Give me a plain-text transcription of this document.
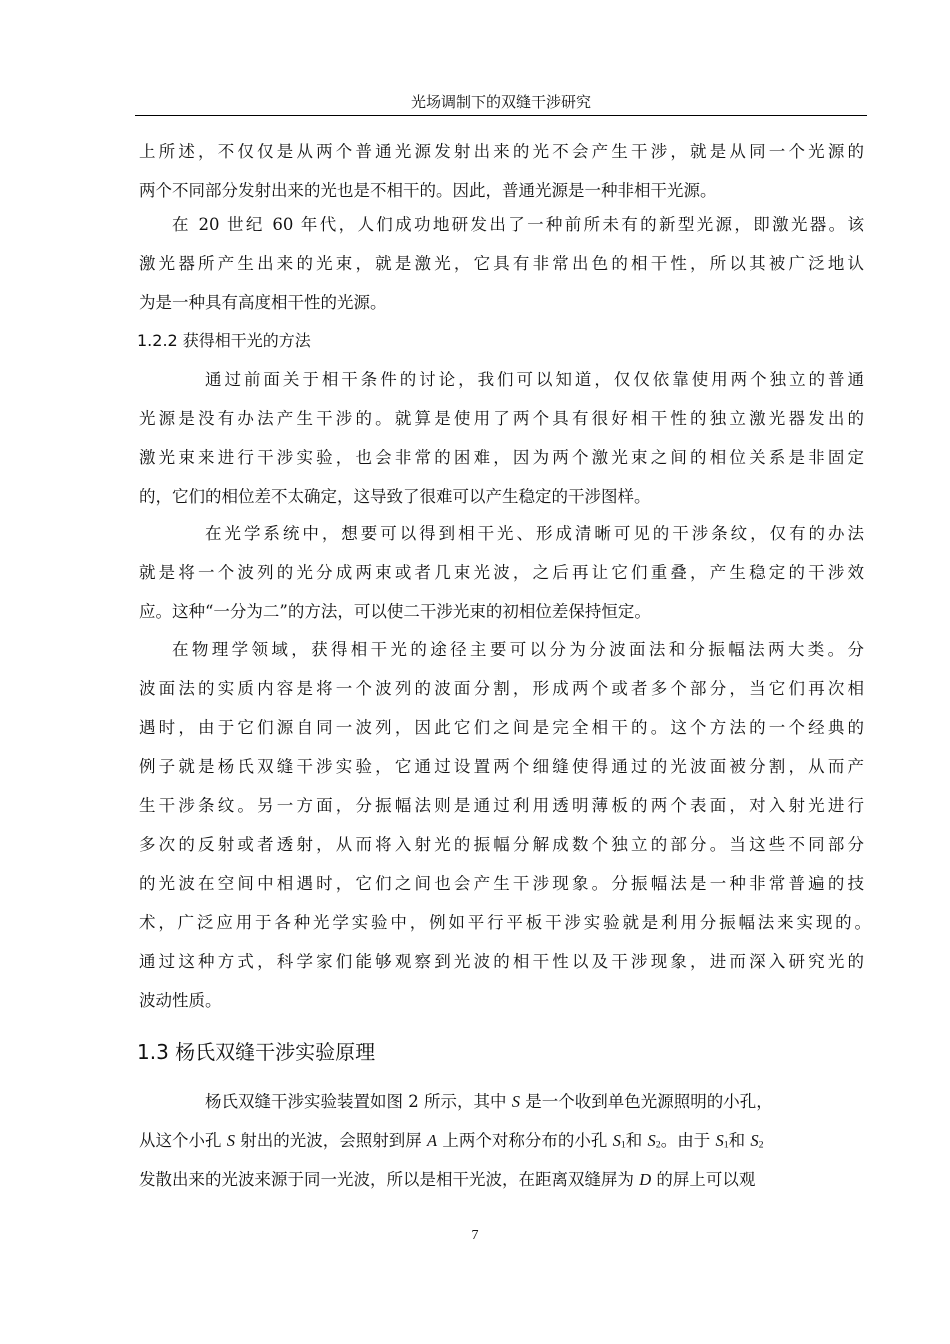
光场调制下的双缝干涉研究
上所述，不仅仅是从两个普通光源发射出来的光不会产生干涉，就是从同一个光源的
两个不同部分发射出来的光也是不相干的。因此，普通光源是一种非相干光源。
在 20 世纪 60 年代，人们成功地研发出了一种前所未有的新型光源，即激光器。该
激光器所产生出来的光束，就是激光，它具有非常出色的相干性，所以其被广泛地认
为是一种具有高度相干性的光源。
1.2.2 获得相干光的方法
通过前面关于相干条件的讨论，我们可以知道，仅仅依靠使用两个独立的普通
光源是没有办法产生干涉的。就算是使用了两个具有很好相干性的独立激光器发出的
激光束来进行干涉实验，也会非常的困难，因为两个激光束之间的相位关系是非固定
的，它们的相位差不太确定，这导致了很难可以产生稳定的干涉图样。
在光学系统中，想要可以得到相干光、形成清晰可见的干涉条纹，仅有的办法
就是将一个波列的光分成两束或者几束光波，之后再让它们重叠，产生稳定的干涉效
应。这种“一分为二”的方法，可以使二干涉光束的初相位差保持恒定。
在物理学领域，获得相干光的途径主要可以分为分波面法和分振幅法两大类。分
波面法的实质内容是将一个波列的波面分割，形成两个或者多个部分，当它们再次相
遇时，由于它们源自同一波列，因此它们之间是完全相干的。这个方法的一个经典的
例子就是杨氏双缝干涉实验，它通过设置两个细缝使得通过的光波面被分割，从而产
生干涉条纹。另一方面，分振幅法则是通过利用透明薄板的两个表面，对入射光进行
多次的反射或者透射，从而将入射光的振幅分解成数个独立的部分。当这些不同部分
的光波在空间中相遇时，它们之间也会产生干涉现象。分振幅法是一种非常普遍的技
术，广泛应用于各种光学实验中，例如平行平板干涉实验就是利用分振幅法来实现的。
通过这种方式，科学家们能够观察到光波的相干性以及干涉现象，进而深入研究光的
波动性质。
1.3 杨氏双缝干涉实验原理
杨氏双缝干涉实验装置如图 2 所示，其中 S 是一个收到单色光源照明的小孔，
从这个小孔 S 射出的光波，会照射到屏 A 上两个对称分布的小孔 $S_1$和 $S_2$。由于 $S_1$和 $S_2$
发散出来的光波来源于同一光波，所以是相干光波，在距离双缝屏为 D 的屏上可以观
7
